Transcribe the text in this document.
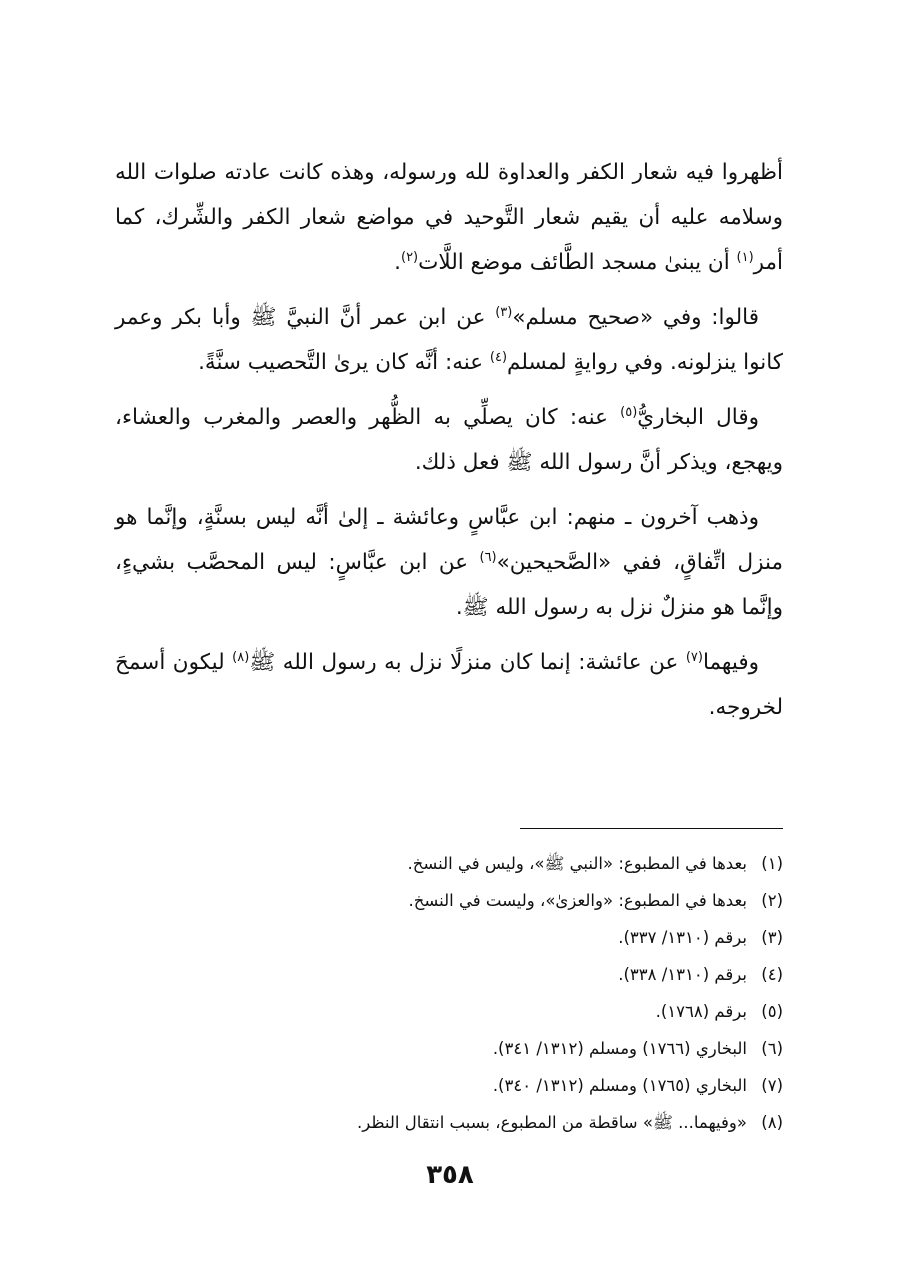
أظهروا فيه شعار الكفر والعداوة لله ورسوله، وهذه كانت عادته صلوات الله وسلامه عليه أن يقيم شعار التَّوحيد في مواضع شعار الكفر والشِّرك، كما أمر$^{(١)}$ أن يبنىٰ مسجد الطَّائف موضع اللَّات$^{(٢)}$.

قالوا: وفي «صحيح مسلم»$^{(٣)}$ عن ابن عمر أنَّ النبيَّ ﷺ وأبا بكر وعمر كانوا ينزلونه. وفي روايةٍ لمسلم$^{(٤)}$ عنه: أنَّه كان يرىٰ التَّحصيب سنَّةً.

وقال البخاريُّ$^{(٥)}$ عنه: كان يصلِّي به الظُّهر والعصر والمغرب والعشاء، ويهجع، ويذكر أنَّ رسول الله ﷺ فعل ذلك.

وذهب آخرون ـ منهم: ابن عبَّاسٍ وعائشة ـ إلىٰ أنَّه ليس بسنَّةٍ، وإنَّما هو منزل اتِّفاقٍ، ففي «الصَّحيحين»$^{(٦)}$ عن ابن عبَّاسٍ: ليس المحصَّب بشيءٍ، وإنَّما هو منزلٌ نزل به رسول الله ﷺ.

وفيهما$^{(٧)}$ عن عائشة: إنما كان منزلًا نزل به رسول الله ﷺ$^{(٨)}$ ليكون أسمحَ لخروجه.

(١)
بعدها في المطبوع: «النبي ﷺ»، وليس في النسخ.
(٢)
بعدها في المطبوع: «والعزىٰ»، وليست في النسخ.
(٣)
برقم (١٣١٠/ ٣٣٧).
(٤)
برقم (١٣١٠/ ٣٣٨).
(٥)
برقم (١٧٦٨).
(٦)
البخاري (١٧٦٦) ومسلم (١٣١٢/ ٣٤١).
(٧)
البخاري (١٧٦٥) ومسلم (١٣١٢/ ٣٤٠).
(٨)
«وفيهما... ﷺ» ساقطة من المطبوع، بسبب انتقال النظر.
٣٥٨
